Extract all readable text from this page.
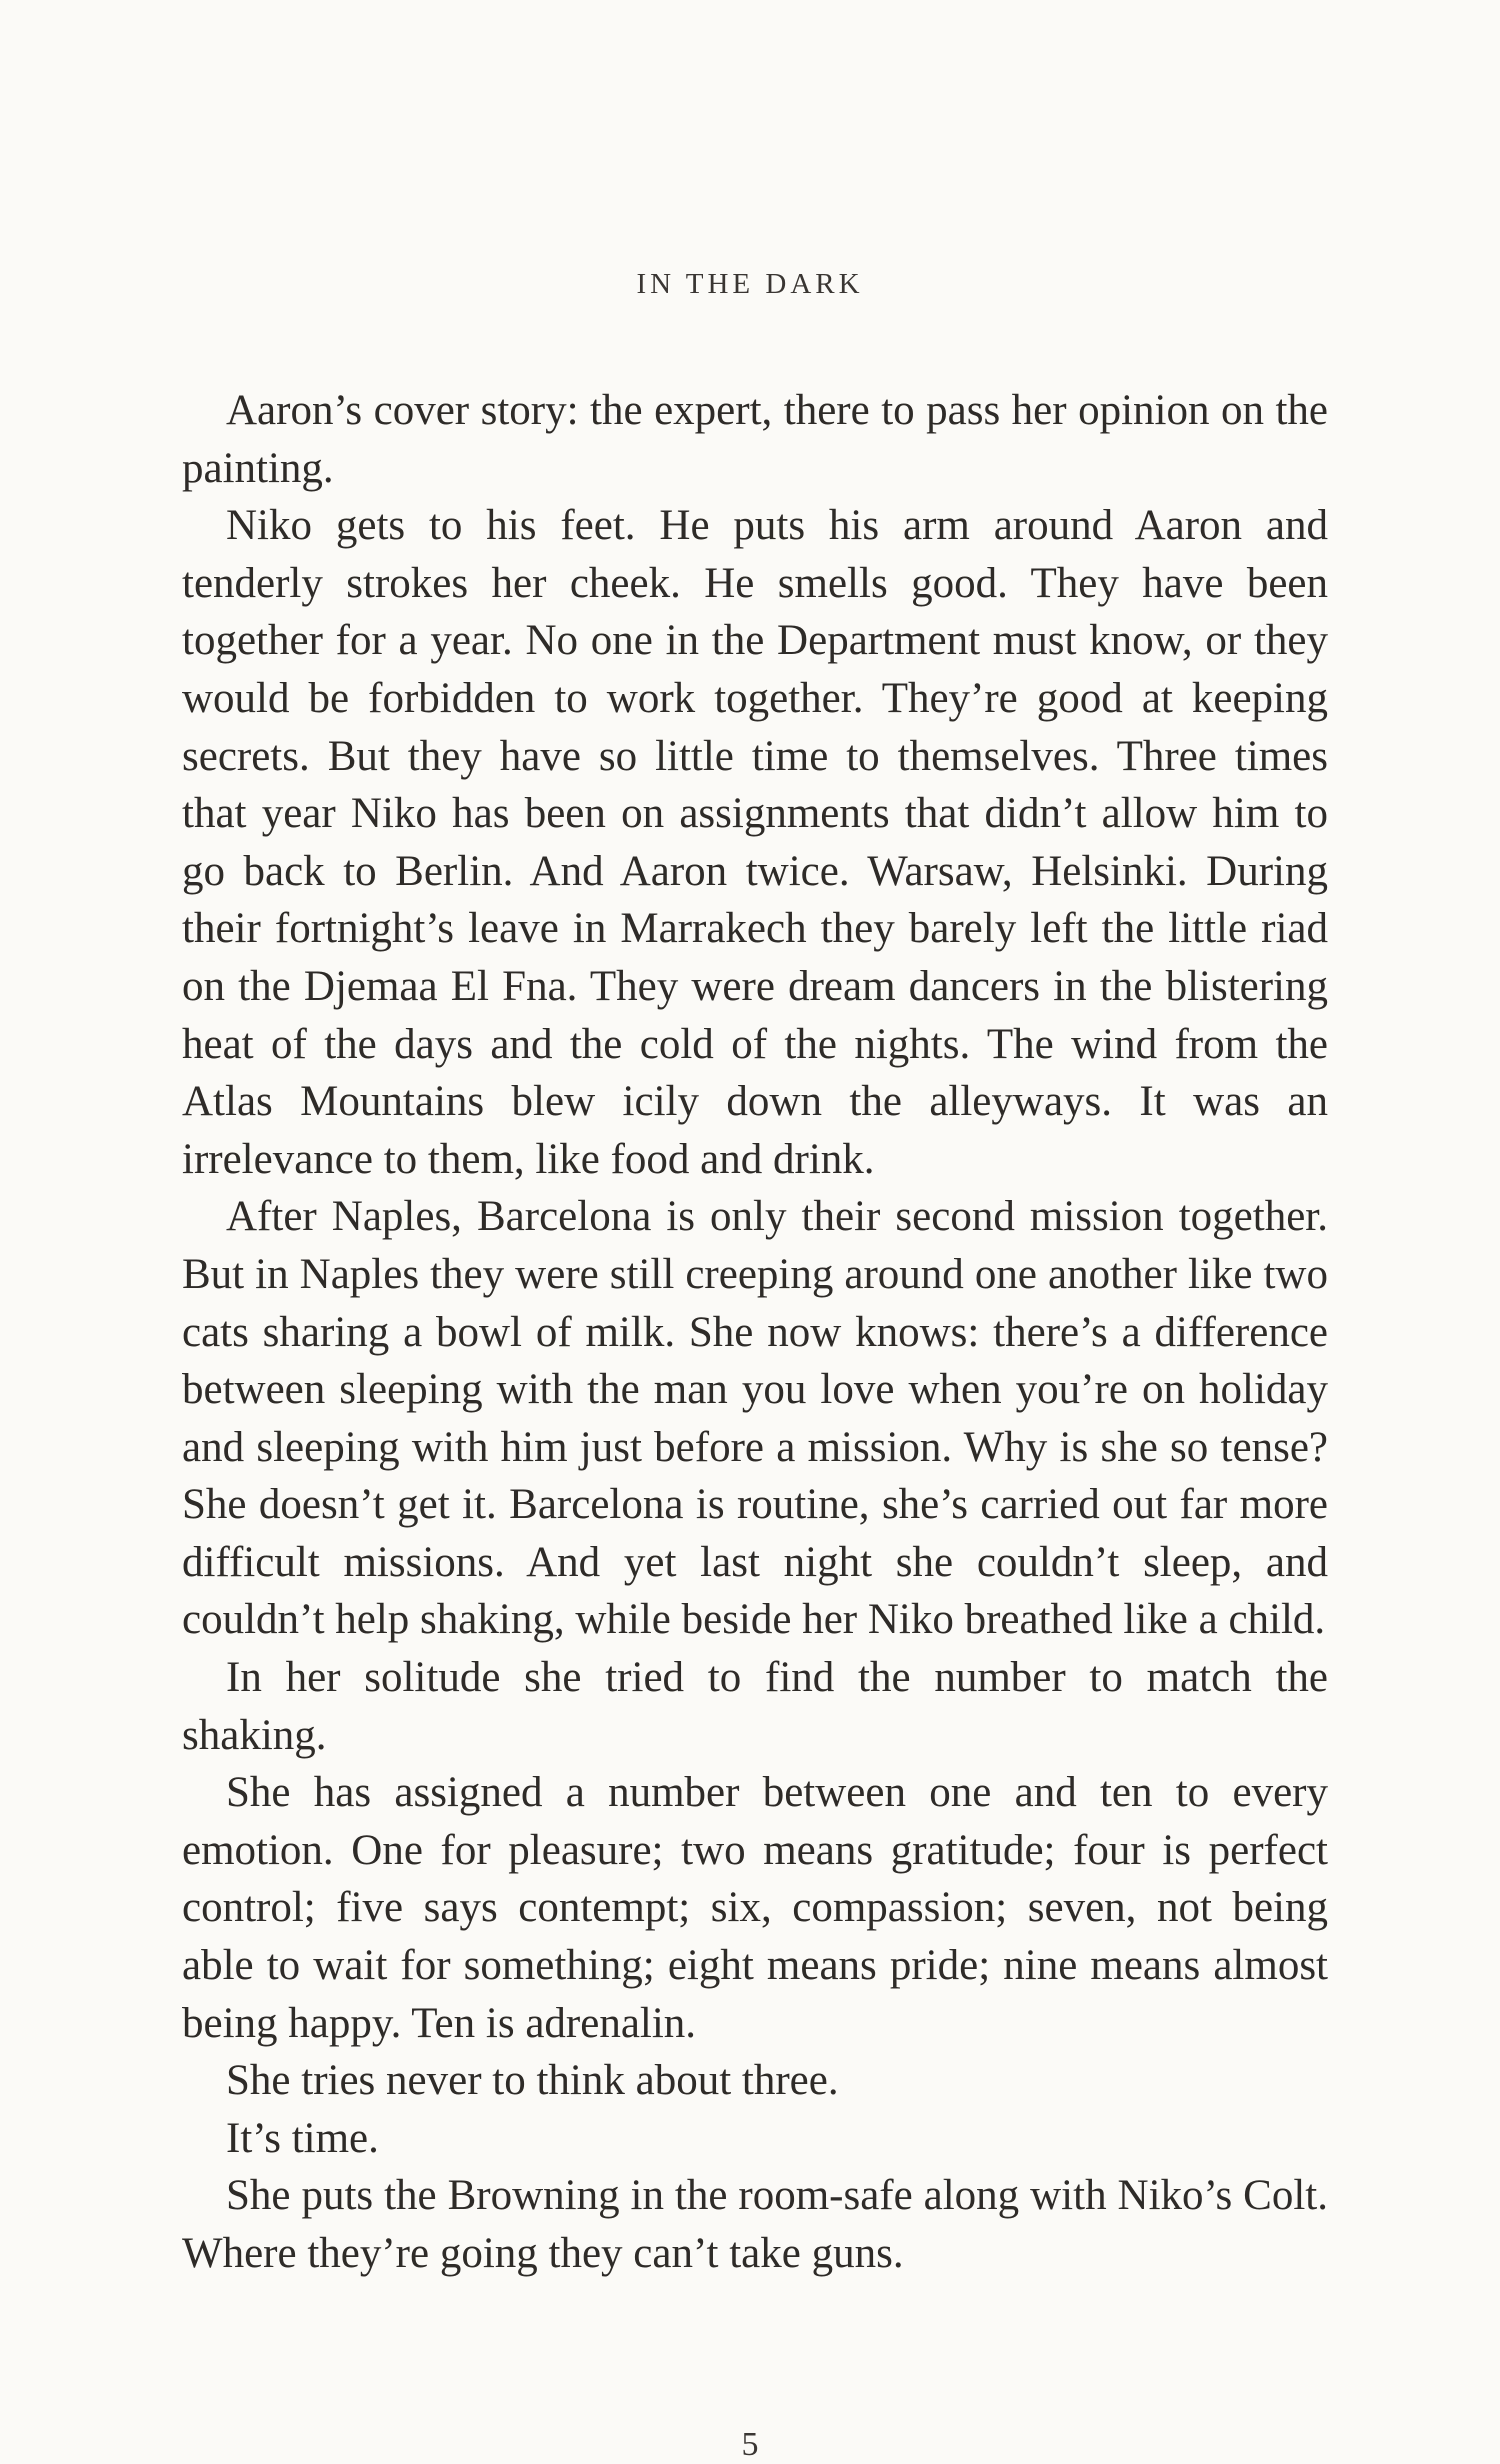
IN THE DARK

Aaron’s cover story: the expert, there to pass her opinion on the painting.

Niko gets to his feet. He puts his arm around Aaron and tenderly strokes her cheek. He smells good. They have been together for a year. No one in the Department must know, or they would be forbidden to work together. They’re good at keeping secrets. But they have so little time to themselves. Three times that year Niko has been on assignments that didn’t allow him to go back to Berlin. And Aaron twice. Warsaw, Helsinki. During their fortnight’s leave in Marrakech they barely left the little riad on the Djemaa El Fna. They were dream dancers in the blistering heat of the days and the cold of the nights. The wind from the Atlas Mountains blew icily down the alleyways. It was an irrelevance to them, like food and drink.

After Naples, Barcelona is only their second mission together. But in Naples they were still creeping around one another like two cats sharing a bowl of milk. She now knows: there’s a difference between sleeping with the man you love when you’re on holiday and sleeping with him just before a mission. Why is she so tense? She doesn’t get it. Barcelona is routine, she’s carried out far more difficult missions. And yet last night she couldn’t sleep, and couldn’t help shaking, while beside her Niko breathed like a child.

In her solitude she tried to find the number to match the shaking.

She has assigned a number between one and ten to every emotion. One for pleasure; two means gratitude; four is perfect control; five says contempt; six, compassion; seven, not being able to wait for something; eight means pride; nine means almost being happy. Ten is adrenalin.

She tries never to think about three.

It’s time.

She puts the Browning in the room-safe along with Niko’s Colt. Where they’re going they can’t take guns.

5
